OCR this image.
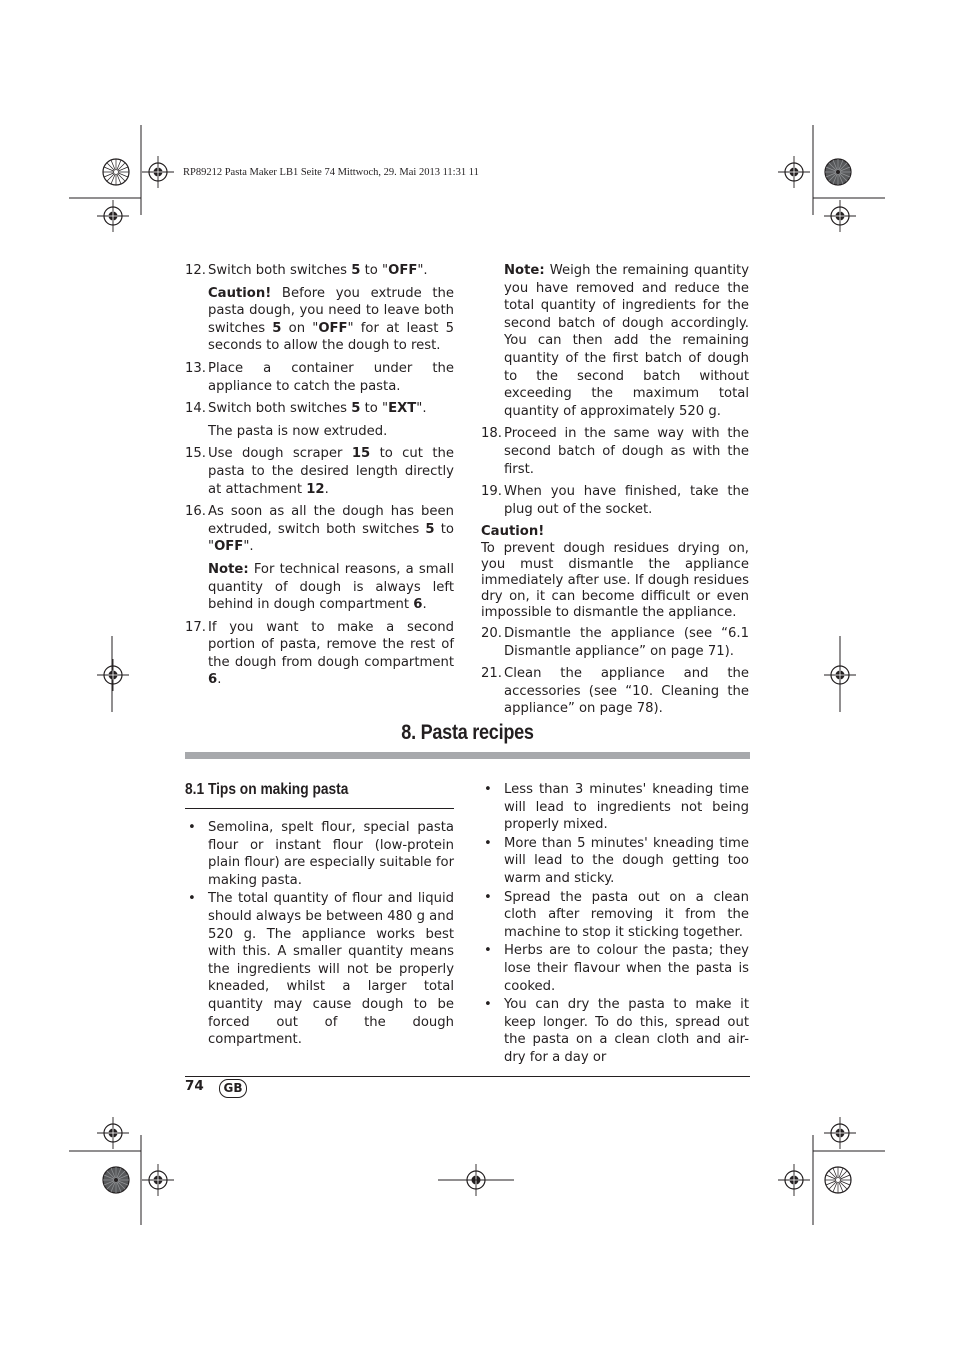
RP89212 Pasta Maker LB1 Seite 74 Mittwoch, 29. Mai 2013 11:31 11
12. Switch both switches 5 to "OFF".
Caution! Before you extrude the pasta dough, you need to leave both switches 5 on "OFF" for at least 5 seconds to allow the dough to rest.
13. Place a container under the appliance to catch the pasta.
14. Switch both switches 5 to "EXT".
The pasta is now extruded.
15. Use dough scraper 15 to cut the pasta to the desired length directly at attachment 12.
16. As soon as all the dough has been extruded, switch both switches 5 to "OFF".
Note: For technical reasons, a small quantity of dough is always left behind in dough compartment 6.
17. If you want to make a second portion of pasta, remove the rest of the dough from dough compartment 6.
Note: Weigh the remaining quantity you have removed and reduce the total quantity of ingredients for the second batch of dough accordingly. You can then add the remaining quantity of the first batch of dough to the second batch without exceeding the maximum total quantity of approximately 520 g.
18. Proceed in the same way with the second batch of dough as with the first.
19. When you have finished, take the plug out of the socket.
Caution!
To prevent dough residues drying on, you must dismantle the appliance immediately after use. If dough residues dry on, it can become difficult or even impossible to dismantle the appliance.
20. Dismantle the appliance (see “6.1 Dismantle appliance” on page 71).
21. Clean the appliance and the accessories (see “10. Cleaning the appliance” on page 78).
8. Pasta recipes
8.1 Tips on making pasta
• Semolina, spelt flour, special pasta flour or instant flour (low-protein plain flour) are especially suitable for making pasta.
• The total quantity of flour and liquid should always be between 480 g and 520 g. The appliance works best with this. A smaller quantity means the ingredients will not be properly kneaded, whilst a larger total quantity may cause dough to be forced out of the dough compartment.
• Less than 3 minutes' kneading time will lead to ingredients not being properly mixed.
• More than 5 minutes' kneading time will lead to the dough getting too warm and sticky.
• Spread the pasta out on a clean cloth after removing it from the machine to stop it sticking together.
• Herbs are to colour the pasta; they lose their flavour when the pasta is cooked.
• You can dry the pasta to make it keep longer. To do this, spread out the pasta on a clean cloth and air-dry for a day or
74	GB
